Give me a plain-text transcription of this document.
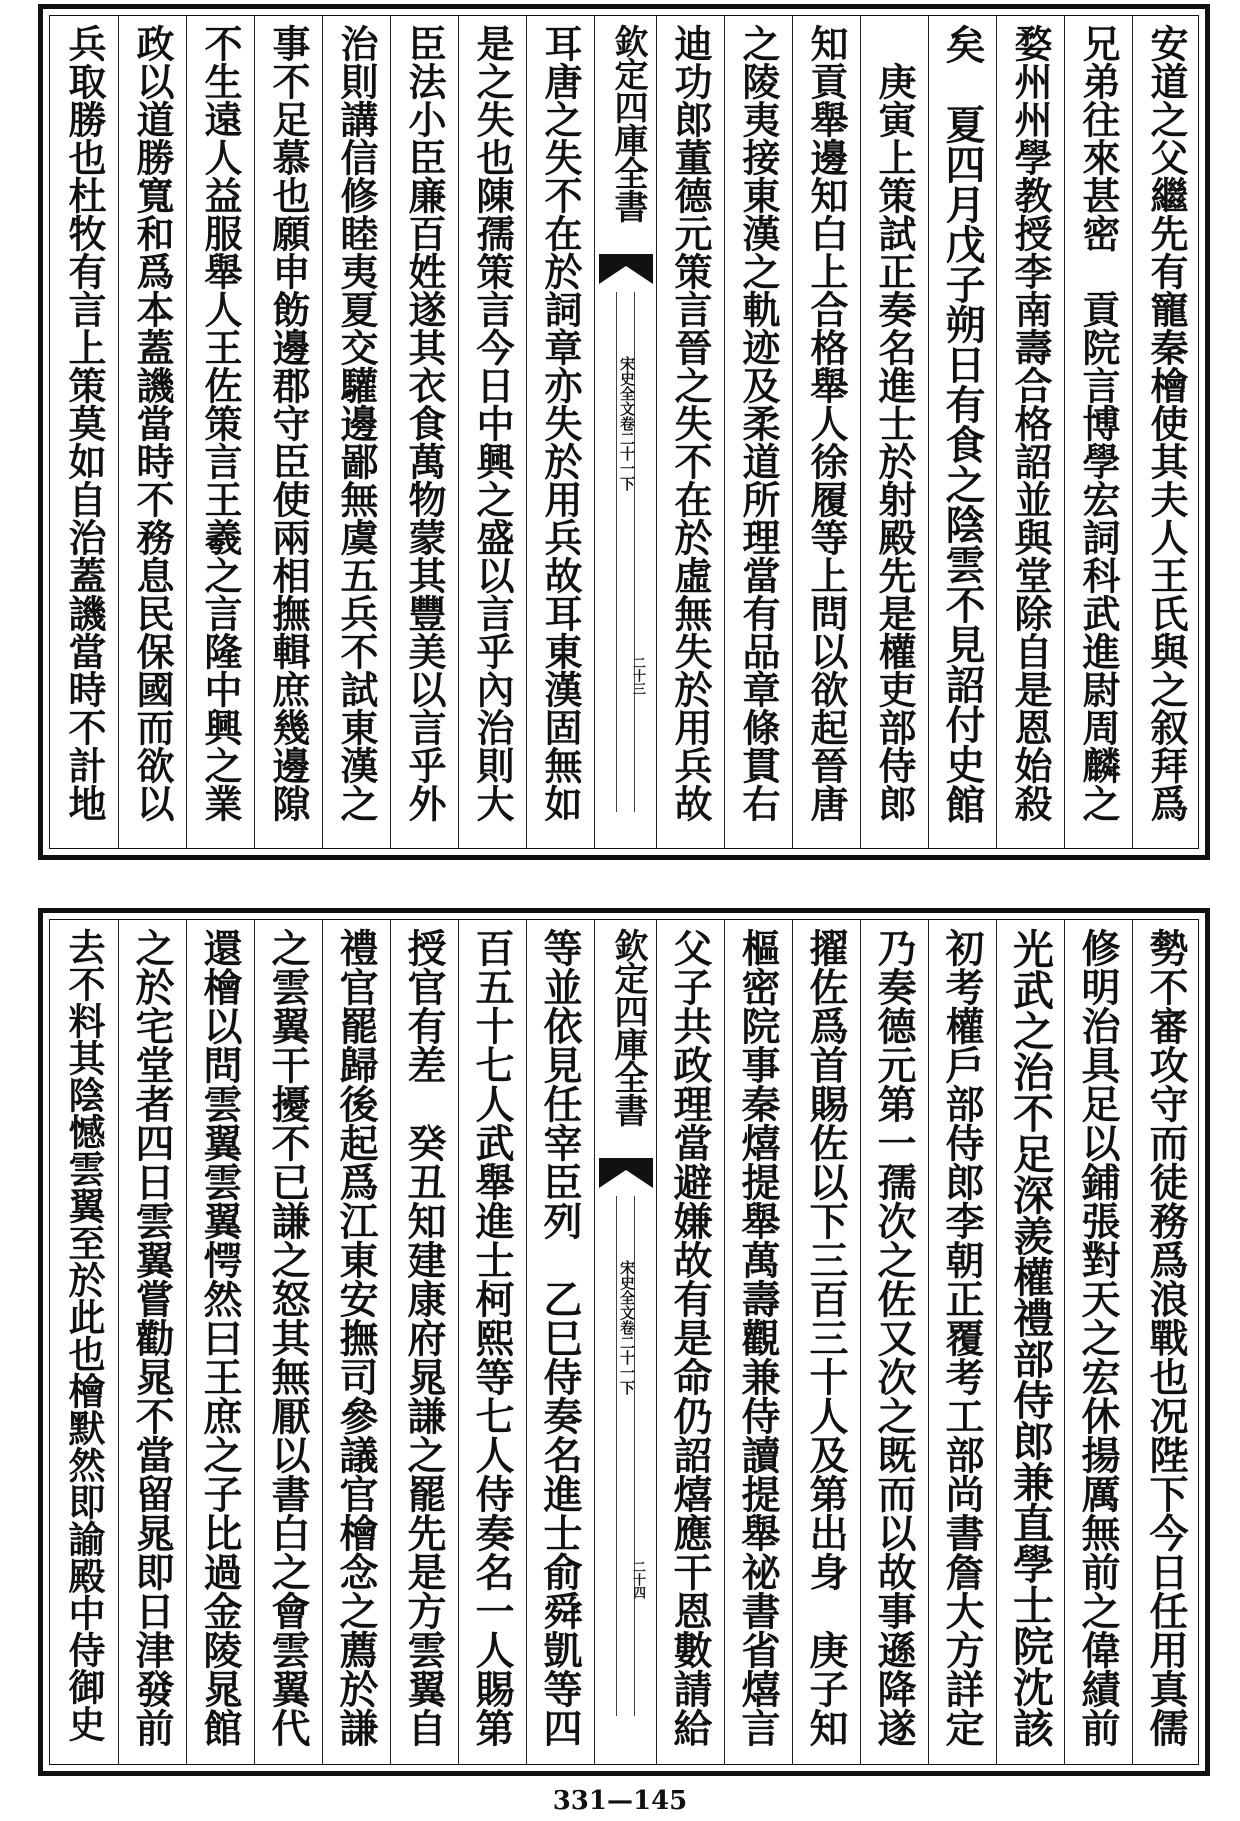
安道之父繼先有寵秦檜使其夫人王氏與之叙拜爲
兄弟往來甚密　貢院言博學宏詞科武進尉周麟之
婺州州學教授李南壽合格詔並與堂除自是恩始殺
矣　夏四月戊子朔日有食之陰雲不見詔付史館
　庚寅上策試正奏名進士於射殿先是權吏部侍郎
知貢舉邊知白上合格舉人徐履等上問以欲起晉唐
之陵夷接東漢之軌迹及柔道所理當有品章條貫右
迪功郎董德元策言晉之失不在於虛無失於用兵故
欽定四庫全書
宋史全文卷二十一下
二十三
耳唐之失不在於詞章亦失於用兵故耳東漢固無如
是之失也陳孺策言今日中興之盛以言乎內治則大
臣法小臣廉百姓遂其衣食萬物蒙其豐美以言乎外
治則講信修睦夷夏交驩邊鄙無虞五兵不試東漢之
事不足慕也願申飭邊郡守臣使兩相撫輯庶幾邊隙
不生遠人益服舉人王佐策言王羲之言隆中興之業
政以道勝寬和爲本蓋譏當時不務息民保國而欲以
兵取勝也杜牧有言上策莫如自治蓋譏當時不計地
勢不審攻守而徒務爲浪戰也况陛下今日任用真儒
修明治具足以鋪張對天之宏休揚厲無前之偉績前
光武之治不足深羨權禮部侍郎兼直學士院沈該
初考權戶部侍郎李朝正覆考工部尚書詹大方詳定
乃奏德元第一孺次之佐又次之既而以故事遜降遂
擢佐爲首賜佐以下三百三十人及第出身　庚子知
樞密院事秦熺提舉萬壽觀兼侍讀提舉祕書省熺言
父子共政理當避嫌故有是命仍詔熺應干恩數請給
欽定四庫全書
宋史全文卷二十一下
二十四
等並依見任宰臣列　乙巳侍奏名進士俞舜凱等四
百五十七人武舉進士柯熙等七人侍奏名一人賜第
授官有差　癸丑知建康府晁謙之罷先是方雲翼自
禮官罷歸後起爲江東安撫司參議官檜念之薦於謙
之雲翼干擾不已謙之怒其無厭以書白之會雲翼代
還檜以問雲翼雲翼愕然曰王庶之子比過金陵晁館
之於宅堂者四日雲翼嘗勸晁不當留晁即日津發前
去不料其陰憾雲翼至於此也檜默然即諭殿中侍御史
331—145
